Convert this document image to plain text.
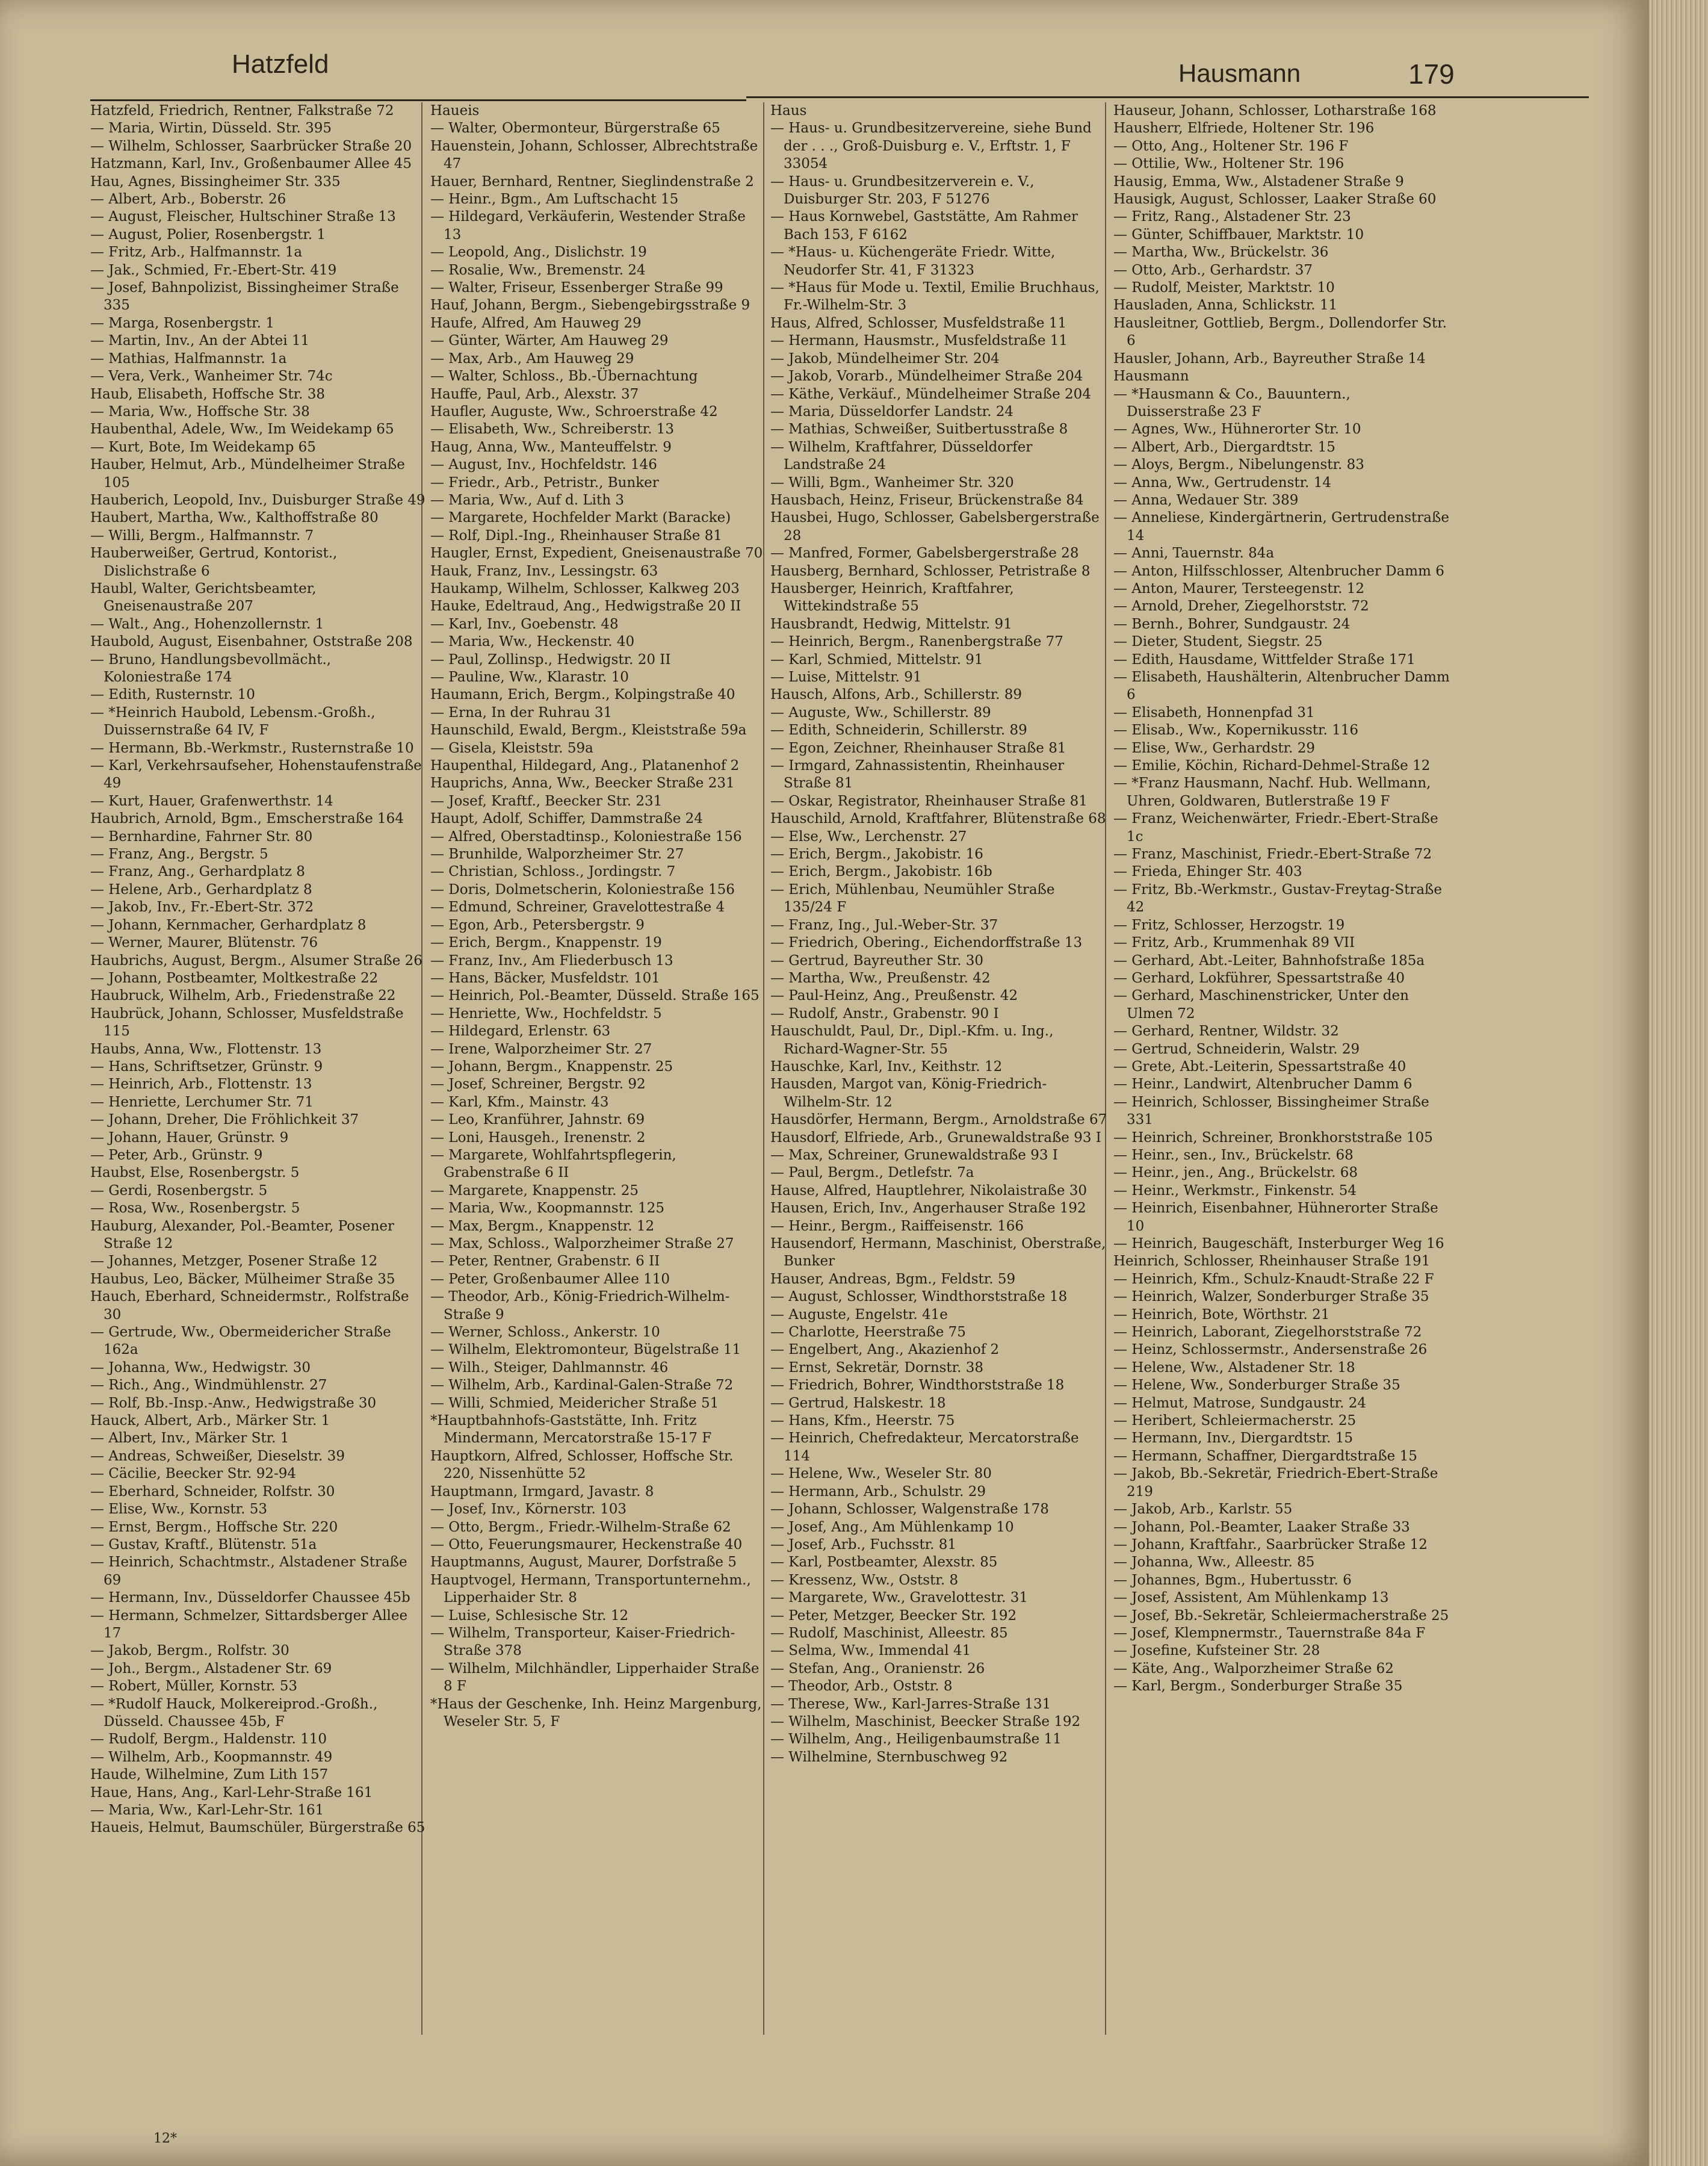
Hatzfeld	Hausmann	179

Hatzfeld, Friedrich, Rentner, Falkstraße 72

— Maria, Wirtin, Düsseld. Str. 395

— Wilhelm, Schlosser, Saarbrücker Straße 20

Hatzmann, Karl, Inv., Großenbaumer Allee 45

Hau, Agnes, Bissingheimer Str. 335

— Albert, Arb., Boberstr. 26

— August, Fleischer, Hultschiner Straße 13

— August, Polier, Rosenbergstr. 1

— Fritz, Arb., Halfmannstr. 1a

— Jak., Schmied, Fr.-Ebert-Str. 419

— Josef, Bahnpolizist, Bissingheimer Straße 335

— Marga, Rosenbergstr. 1

— Martin, Inv., An der Abtei 11

— Mathias, Halfmannstr. 1a

— Vera, Verk., Wanheimer Str. 74c

Haub, Elisabeth, Hoffsche Str. 38

— Maria, Ww., Hoffsche Str. 38

Haubenthal, Adele, Ww., Im Weidekamp 65

— Kurt, Bote, Im Weidekamp 65

Hauber, Helmut, Arb., Mündelheimer Straße 105

Hauberich, Leopold, Inv., Duisburger Straße 49

Haubert, Martha, Ww., Kalthoffstraße 80

— Willi, Bergm., Halfmannstr. 7

Hauberweißer, Gertrud, Kontorist., Dislichstraße 6

Haubl, Walter, Gerichtsbeamter, Gneisenaustraße 207

— Walt., Ang., Hohenzollernstr. 1

Haubold, August, Eisenbahner, Oststraße 208

— Bruno, Handlungsbevollmächt., Koloniestraße 174

— Edith, Rusternstr. 10

— *Heinrich Haubold, Lebensm.-Großh., Duissernstraße 64 IV, F

— Hermann, Bb.-Werkmstr., Rusternstraße 10

— Karl, Verkehrsaufseher, Hohenstaufenstraße 49

— Kurt, Hauer, Grafenwerthstr. 14

Haubrich, Arnold, Bgm., Emscherstraße 164

— Bernhardine, Fahrner Str. 80

— Franz, Ang., Bergstr. 5

— Franz, Ang., Gerhardplatz 8

— Helene, Arb., Gerhardplatz 8

— Jakob, Inv., Fr.-Ebert-Str. 372

— Johann, Kernmacher, Gerhardplatz 8

— Werner, Maurer, Blütenstr. 76

Haubrichs, August, Bergm., Alsumer Straße 26

— Johann, Postbeamter, Moltkestraße 22

Haubruck, Wilhelm, Arb., Friedenstraße 22

Haubrück, Johann, Schlosser, Musfeldstraße 115

Haubs, Anna, Ww., Flottenstr. 13

— Hans, Schriftsetzer, Grünstr. 9

— Heinrich, Arb., Flottenstr. 13

— Henriette, Lerchumer Str. 71

— Johann, Dreher, Die Fröhlichkeit 37

— Johann, Hauer, Grünstr. 9

— Peter, Arb., Grünstr. 9

Haubst, Else, Rosenbergstr. 5

— Gerdi, Rosenbergstr. 5

— Rosa, Ww., Rosenbergstr. 5

Hauburg, Alexander, Pol.-Beamter, Posener Straße 12

— Johannes, Metzger, Posener Straße 12

Haubus, Leo, Bäcker, Mülheimer Straße 35

Hauch, Eberhard, Schneidermstr., Rolfstraße 30

— Gertrude, Ww., Obermeidericher Straße 162a

— Johanna, Ww., Hedwigstr. 30

— Rich., Ang., Windmühlenstr. 27

— Rolf, Bb.-Insp.-Anw., Hedwigstraße 30

Hauck, Albert, Arb., Märker Str. 1

— Albert, Inv., Märker Str. 1

— Andreas, Schweißer, Dieselstr. 39

— Cäcilie, Beecker Str. 92-94

— Eberhard, Schneider, Rolfstr. 30

— Elise, Ww., Kornstr. 53

— Ernst, Bergm., Hoffsche Str. 220

— Gustav, Kraftf., Blütenstr. 51a

— Heinrich, Schachtmstr., Alstadener Straße 69

— Hermann, Inv., Düsseldorfer Chaussee 45b

— Hermann, Schmelzer, Sittardsberger Allee 17

— Jakob, Bergm., Rolfstr. 30

— Joh., Bergm., Alstadener Str. 69

— Robert, Müller, Kornstr. 53

— *Rudolf Hauck, Molkereiprod.-Großh., Düsseld. Chaussee 45b, F

— Rudolf, Bergm., Haldenstr. 110

— Wilhelm, Arb., Koopmannstr. 49

Haude, Wilhelmine, Zum Lith 157

Haue, Hans, Ang., Karl-Lehr-Straße 161

— Maria, Ww., Karl-Lehr-Str. 161

Haueis, Helmut, Baumschüler, Bürgerstraße 65

Haueis

— Walter, Obermonteur, Bürgerstraße 65

Hauenstein, Johann, Schlosser, Albrechtstraße 47

Hauer, Bernhard, Rentner, Sieglindenstraße 2

— Heinr., Bgm., Am Luftschacht 15

— Hildegard, Verkäuferin, Westender Straße 13

— Leopold, Ang., Dislichstr. 19

— Rosalie, Ww., Bremenstr. 24

— Walter, Friseur, Essenberger Straße 99

Hauf, Johann, Bergm., Siebengebirgsstraße 9

Haufe, Alfred, Am Hauweg 29

— Günter, Wärter, Am Hauweg 29

— Max, Arb., Am Hauweg 29

— Walter, Schloss., Bb.-Übernachtung

Hauffe, Paul, Arb., Alexstr. 37

Haufler, Auguste, Ww., Schroerstraße 42

— Elisabeth, Ww., Schreiberstr. 13

Haug, Anna, Ww., Manteuffelstr. 9

— August, Inv., Hochfeldstr. 146

— Friedr., Arb., Petristr., Bunker

— Maria, Ww., Auf d. Lith 3

— Margarete, Hochfelder Markt (Baracke)

— Rolf, Dipl.-Ing., Rheinhauser Straße 81

Haugler, Ernst, Expedient, Gneisenaustraße 70

Hauk, Franz, Inv., Lessingstr. 63

Haukamp, Wilhelm, Schlosser, Kalkweg 203

Hauke, Edeltraud, Ang., Hedwigstraße 20 II

— Karl, Inv., Goebenstr. 48

— Maria, Ww., Heckenstr. 40

— Paul, Zollinsp., Hedwigstr. 20 II

— Pauline, Ww., Klarastr. 10

Haumann, Erich, Bergm., Kolpingstraße 40

— Erna, In der Ruhrau 31

Haunschild, Ewald, Bergm., Kleiststraße 59a

— Gisela, Kleiststr. 59a

Haupenthal, Hildegard, Ang., Platanenhof 2

Hauprichs, Anna, Ww., Beecker Straße 231

— Josef, Kraftf., Beecker Str. 231

Haupt, Adolf, Schiffer, Dammstraße 24

— Alfred, Oberstadtinsp., Koloniestraße 156

— Brunhilde, Walporzheimer Str. 27

— Christian, Schloss., Jordingstr. 7

— Doris, Dolmetscherin, Koloniestraße 156

— Edmund, Schreiner, Gravelottestraße 4

— Egon, Arb., Petersbergstr. 9

— Erich, Bergm., Knappenstr. 19

— Franz, Inv., Am Fliederbusch 13

— Hans, Bäcker, Musfeldstr. 101

— Heinrich, Pol.-Beamter, Düsseld. Straße 165

— Henriette, Ww., Hochfeldstr. 5

— Hildegard, Erlenstr. 63

— Irene, Walporzheimer Str. 27

— Johann, Bergm., Knappenstr. 25

— Josef, Schreiner, Bergstr. 92

— Karl, Kfm., Mainstr. 43

— Leo, Kranführer, Jahnstr. 69

— Loni, Hausgeh., Irenenstr. 2

— Margarete, Wohlfahrtspflegerin, Grabenstraße 6 II

— Margarete, Knappenstr. 25

— Maria, Ww., Koopmannstr. 125

— Max, Bergm., Knappenstr. 12

— Max, Schloss., Walporzheimer Straße 27

— Peter, Rentner, Grabenstr. 6 II

— Peter, Großenbaumer Allee 110

— Theodor, Arb., König-Friedrich-Wilhelm-Straße 9

— Werner, Schloss., Ankerstr. 10

— Wilhelm, Elektromonteur, Bügelstraße 11

— Wilh., Steiger, Dahlmannstr. 46

— Wilhelm, Arb., Kardinal-Galen-Straße 72

— Willi, Schmied, Meidericher Straße 51

*Hauptbahnhofs-Gaststätte, Inh. Fritz Mindermann, Mercatorstraße 15-17 F

Hauptkorn, Alfred, Schlosser, Hoffsche Str. 220, Nissenhütte 52

Hauptmann, Irmgard, Javastr. 8

— Josef, Inv., Körnerstr. 103

— Otto, Bergm., Friedr.-Wilhelm-Straße 62

— Otto, Feuerungsmaurer, Heckenstraße 40

Hauptmanns, August, Maurer, Dorfstraße 5

Hauptvogel, Hermann, Transportunternehm., Lipperhaider Str. 8

— Luise, Schlesische Str. 12

— Wilhelm, Transporteur, Kaiser-Friedrich-Straße 378

— Wilhelm, Milchhändler, Lipperhaider Straße 8 F

*Haus der Geschenke, Inh. Heinz Margenburg, Weseler Str. 5, F

Haus

— Haus- u. Grundbesitzervereine, siehe Bund der . . ., Groß-Duisburg e. V., Erftstr. 1, F 33054

— Haus- u. Grundbesitzerverein e. V., Duisburger Str. 203, F 51276

— Haus Kornwebel, Gaststätte, Am Rahmer Bach 153, F 6162

— *Haus- u. Küchengeräte Friedr. Witte, Neudorfer Str. 41, F 31323

— *Haus für Mode u. Textil, Emilie Bruchhaus, Fr.-Wilhelm-Str. 3

Haus, Alfred, Schlosser, Musfeldstraße 11

— Hermann, Hausmstr., Musfeldstraße 11

— Jakob, Mündelheimer Str. 204

— Jakob, Vorarb., Mündelheimer Straße 204

— Käthe, Verkäuf., Mündelheimer Straße 204

— Maria, Düsseldorfer Landstr. 24

— Mathias, Schweißer, Suitbertusstraße 8

— Wilhelm, Kraftfahrer, Düsseldorfer Landstraße 24

— Willi, Bgm., Wanheimer Str. 320

Hausbach, Heinz, Friseur, Brückenstraße 84

Hausbei, Hugo, Schlosser, Gabelsbergerstraße 28

— Manfred, Former, Gabelsbergerstraße 28

Hausberg, Bernhard, Schlosser, Petristraße 8

Hausberger, Heinrich, Kraftfahrer, Wittekindstraße 55

Hausbrandt, Hedwig, Mittelstr. 91

— Heinrich, Bergm., Ranenbergstraße 77

— Karl, Schmied, Mittelstr. 91

— Luise, Mittelstr. 91

Hausch, Alfons, Arb., Schillerstr. 89

— Auguste, Ww., Schillerstr. 89

— Edith, Schneiderin, Schillerstr. 89

— Egon, Zeichner, Rheinhauser Straße 81

— Irmgard, Zahnassistentin, Rheinhauser Straße 81

— Oskar, Registrator, Rheinhauser Straße 81

Hauschild, Arnold, Kraftfahrer, Blütenstraße 68

— Else, Ww., Lerchenstr. 27

— Erich, Bergm., Jakobistr. 16

— Erich, Bergm., Jakobistr. 16b

— Erich, Mühlenbau, Neumühler Straße 135/24 F

— Franz, Ing., Jul.-Weber-Str. 37

— Friedrich, Obering., Eichendorffstraße 13

— Gertrud, Bayreuther Str. 30

— Martha, Ww., Preußenstr. 42

— Paul-Heinz, Ang., Preußenstr. 42

— Rudolf, Anstr., Grabenstr. 90 I

Hauschuldt, Paul, Dr., Dipl.-Kfm. u. Ing., Richard-Wagner-Str. 55

Hauschke, Karl, Inv., Keithstr. 12

Hausden, Margot van, König-Friedrich-Wilhelm-Str. 12

Hausdörfer, Hermann, Bergm., Arnoldstraße 67

Hausdorf, Elfriede, Arb., Grunewaldstraße 93 I

— Max, Schreiner, Grunewaldstraße 93 I

— Paul, Bergm., Detlefstr. 7a

Hause, Alfred, Hauptlehrer, Nikolaistraße 30

Hausen, Erich, Inv., Angerhauser Straße 192

— Heinr., Bergm., Raiffeisenstr. 166

Hausendorf, Hermann, Maschinist, Oberstraße, Bunker

Hauser, Andreas, Bgm., Feldstr. 59

— August, Schlosser, Windthorststraße 18

— Auguste, Engelstr. 41e

— Charlotte, Heerstraße 75

— Engelbert, Ang., Akazienhof 2

— Ernst, Sekretär, Dornstr. 38

— Friedrich, Bohrer, Windthorststraße 18

— Gertrud, Halskestr. 18

— Hans, Kfm., Heerstr. 75

— Heinrich, Chefredakteur, Mercatorstraße 114

— Helene, Ww., Weseler Str. 80

— Hermann, Arb., Schulstr. 29

— Johann, Schlosser, Walgenstraße 178

— Josef, Ang., Am Mühlenkamp 10

— Josef, Arb., Fuchsstr. 81

— Karl, Postbeamter, Alexstr. 85

— Kressenz, Ww., Oststr. 8

— Margarete, Ww., Gravelottestr. 31

— Peter, Metzger, Beecker Str. 192

— Rudolf, Maschinist, Alleestr. 85

— Selma, Ww., Immendal 41

— Stefan, Ang., Oranienstr. 26

— Theodor, Arb., Oststr. 8

— Therese, Ww., Karl-Jarres-Straße 131

— Wilhelm, Maschinist, Beecker Straße 192

— Wilhelm, Ang., Heiligenbaumstraße 11

— Wilhelmine, Sternbuschweg 92

Hauseur, Johann, Schlosser, Lotharstraße 168

Hausherr, Elfriede, Holtener Str. 196

— Otto, Ang., Holtener Str. 196 F

— Ottilie, Ww., Holtener Str. 196

Hausig, Emma, Ww., Alstadener Straße 9

Hausigk, August, Schlosser, Laaker Straße 60

— Fritz, Rang., Alstadener Str. 23

— Günter, Schiffbauer, Marktstr. 10

— Martha, Ww., Brückelstr. 36

— Otto, Arb., Gerhardstr. 37

— Rudolf, Meister, Marktstr. 10

Hausladen, Anna, Schlickstr. 11

Hausleitner, Gottlieb, Bergm., Dollendorfer Str. 6

Hausler, Johann, Arb., Bayreuther Straße 14

Hausmann

— *Hausmann & Co., Bauuntern., Duisserstraße 23 F

— Agnes, Ww., Hühnerorter Str. 10

— Albert, Arb., Diergardtstr. 15

— Aloys, Bergm., Nibelungenstr. 83

— Anna, Ww., Gertrudenstr. 14

— Anna, Wedauer Str. 389

— Anneliese, Kindergärtnerin, Gertrudenstraße 14

— Anni, Tauernstr. 84a

— Anton, Hilfsschlosser, Altenbrucher Damm 6

— Anton, Maurer, Tersteegenstr. 12

— Arnold, Dreher, Ziegelhorststr. 72

— Bernh., Bohrer, Sundgaustr. 24

— Dieter, Student, Siegstr. 25

— Edith, Hausdame, Wittfelder Straße 171

— Elisabeth, Haushälterin, Altenbrucher Damm 6

— Elisabeth, Honnenpfad 31

— Elisab., Ww., Kopernikusstr. 116

— Elise, Ww., Gerhardstr. 29

— Emilie, Köchin, Richard-Dehmel-Straße 12

— *Franz Hausmann, Nachf. Hub. Wellmann, Uhren, Goldwaren, Butlerstraße 19 F

— Franz, Weichenwärter, Friedr.-Ebert-Straße 1c

— Franz, Maschinist, Friedr.-Ebert-Straße 72

— Frieda, Ehinger Str. 403

— Fritz, Bb.-Werkmstr., Gustav-Freytag-Straße 42

— Fritz, Schlosser, Herzogstr. 19

— Fritz, Arb., Krummenhak 89 VII

— Gerhard, Abt.-Leiter, Bahnhofstraße 185a

— Gerhard, Lokführer, Spessartstraße 40

— Gerhard, Maschinenstricker, Unter den Ulmen 72

— Gerhard, Rentner, Wildstr. 32

— Gertrud, Schneiderin, Walstr. 29

— Grete, Abt.-Leiterin, Spessartstraße 40

— Heinr., Landwirt, Altenbrucher Damm 6

— Heinrich, Schlosser, Bissingheimer Straße 331

— Heinrich, Schreiner, Bronkhorststraße 105

— Heinr., sen., Inv., Brückelstr. 68

— Heinr., jen., Ang., Brückelstr. 68

— Heinr., Werkmstr., Finkenstr. 54

— Heinrich, Eisenbahner, Hühnerorter Straße 10

— Heinrich, Baugeschäft, Insterburger Weg 16

Heinrich, Schlosser, Rheinhauser Straße 191

— Heinrich, Kfm., Schulz-Knaudt-Straße 22 F

— Heinrich, Walzer, Sonderburger Straße 35

— Heinrich, Bote, Wörthstr. 21

— Heinrich, Laborant, Ziegelhorststraße 72

— Heinz, Schlossermstr., Andersenstraße 26

— Helene, Ww., Alstadener Str. 18

— Helene, Ww., Sonderburger Straße 35

— Helmut, Matrose, Sundgaustr. 24

— Heribert, Schleiermacherstr. 25

— Hermann, Inv., Diergardtstr. 15

— Hermann, Schaffner, Diergardtstraße 15

— Jakob, Bb.-Sekretär, Friedrich-Ebert-Straße 219

— Jakob, Arb., Karlstr. 55

— Johann, Pol.-Beamter, Laaker Straße 33

— Johann, Kraftfahr., Saarbrücker Straße 12

— Johanna, Ww., Alleestr. 85

— Johannes, Bgm., Hubertusstr. 6

— Josef, Assistent, Am Mühlenkamp 13

— Josef, Bb.-Sekretär, Schleiermacherstraße 25

— Josef, Klempnermstr., Tauernstraße 84a F

— Josefine, Kufsteiner Str. 28

— Käte, Ang., Walporzheimer Straße 62

— Karl, Bergm., Sonderburger Straße 35

12*
